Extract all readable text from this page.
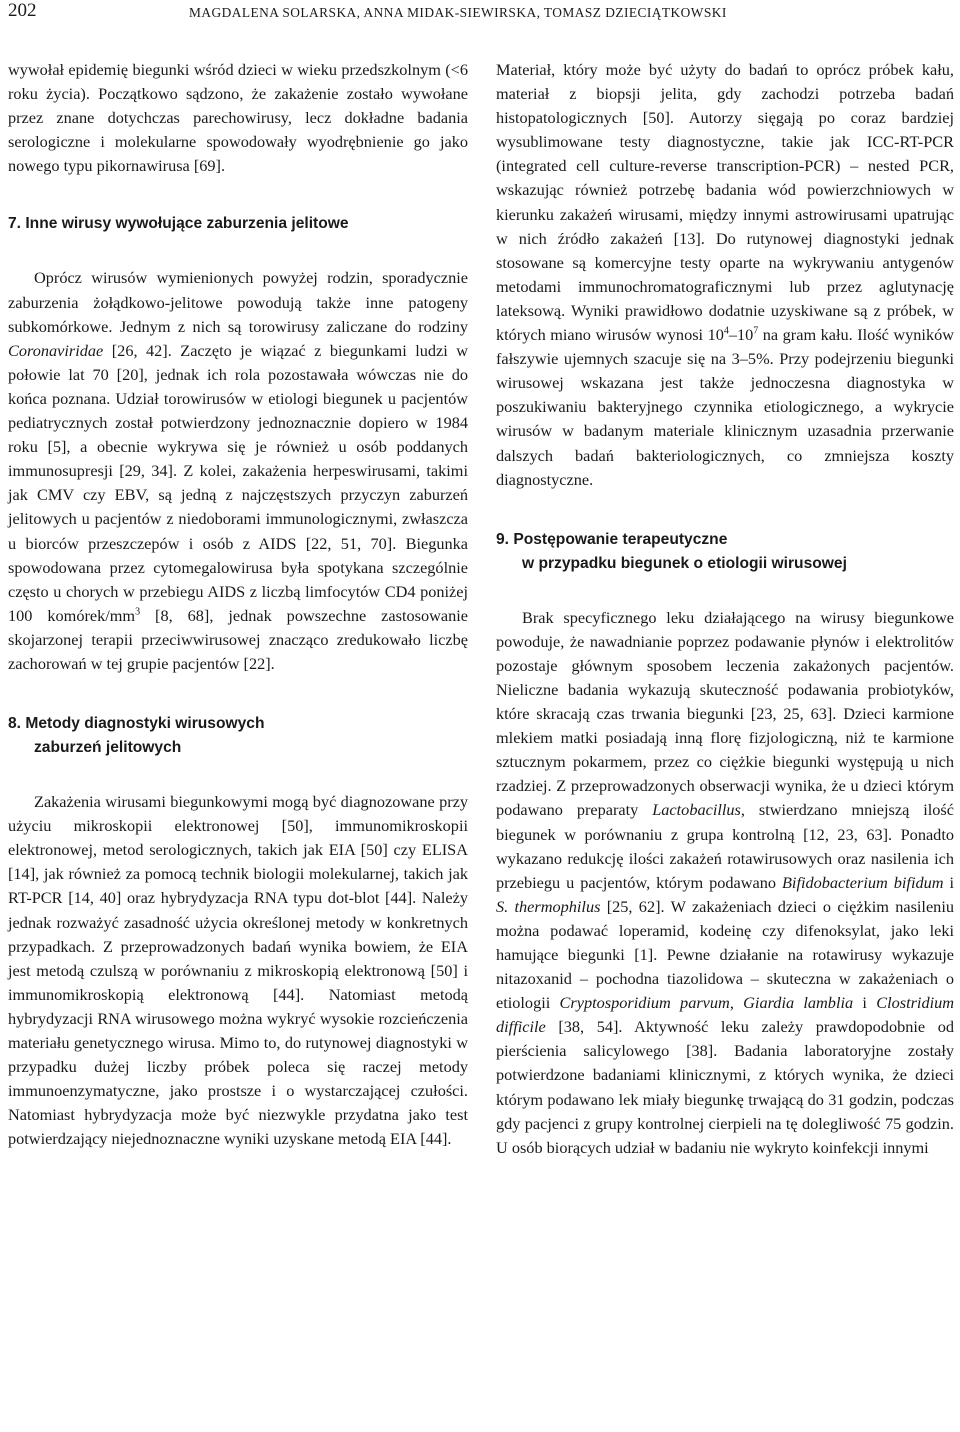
202	MAGDALENA SOLARSKA, ANNA MIDAK-SIEWIRSKA, TOMASZ DZIECIĄTKOWSKI

wywołał epidemię biegunki wśród dzieci w wieku przedszkolnym (<6 roku życia). Początkowo sądzono, że zakażenie zostało wywołane przez znane dotychczas parechowirusy, lecz dokładne badania serologiczne i molekularne spowodowały wyodrębnienie go jako nowego typu pikornawirusa [69].

7. Inne wirusy wywołujące zaburzenia jelitowe

Oprócz wirusów wymienionych powyżej rodzin, sporadycznie zaburzenia żołądkowo-jelitowe powodują także inne patogeny subkomórkowe. Jednym z nich są torowirusy zaliczane do rodziny Coronaviridae [26, 42]. Zaczęto je wiązać z biegunkami ludzi w połowie lat 70 [20], jednak ich rola pozostawała wówczas nie do końca poznana. Udział torowirusów w etiologi biegunek u pacjentów pediatrycznych został potwierdzony jednoznacznie dopiero w 1984 roku [5], a obecnie wykrywa się je również u osób poddanych immunosupresji [29, 34]. Z kolei, zakażenia herpeswirusami, takimi jak CMV czy EBV, są jedną z najczęstszych przyczyn zaburzeń jelitowych u pacjentów z niedoborami immunologicznymi, zwłaszcza u biorców przeszczepów i osób z AIDS [22, 51, 70]. Biegunka spowodowana przez cytomegalowirusa była spotykana szczególnie często u chorych w przebiegu AIDS z liczbą limfocytów CD4 poniżej 100 komórek/$mm^3$ [8, 68], jednak powszechne zastosowanie skojarzonej terapii przeciwwirusowej znacząco zredukowało liczbę zachorowań w tej grupie pacjentów [22].

8. Metody diagnostyki wirusowych
zaburzeń jelitowych

Zakażenia wirusami biegunkowymi mogą być diagnozowane przy użyciu mikroskopii elektronowej [50], immunomikroskopii elektronowej, metod serologicznych, takich jak EIA [50] czy ELISA [14], jak również za pomocą technik biologii molekularnej, takich jak RT-PCR [14, 40] oraz hybrydyzacja RNA typu dot-blot [44]. Należy jednak rozważyć zasadność użycia określonej metody w konkretnych przypadkach. Z przeprowadzonych badań wynika bowiem, że EIA jest metodą czulszą w porównaniu z mikroskopią elektronową [50] i immunomikroskopią elektronową [44]. Natomiast metodą hybrydyzacji RNA wirusowego można wykryć wysokie rozcieńczenia materiału genetycznego wirusa. Mimo to, do rutynowej diagnostyki w przypadku dużej liczby próbek poleca się raczej metody immunoenzymatyczne, jako prostsze i o wystarczającej czułości. Natomiast hybrydyzacja może być niezwykle przydatna jako test potwierdzający niejednoznaczne wyniki uzyskane metodą EIA [44].

Materiał, który może być użyty do badań to oprócz próbek kału, materiał z biopsji jelita, gdy zachodzi potrzeba badań histopatologicznych [50]. Autorzy sięgają po coraz bardziej wysublimowane testy diagnostyczne, takie jak ICC-RT-PCR (integrated cell culture-reverse transcription-PCR) – nested PCR, wskazując również potrzebę badania wód powierzchniowych w kierunku zakażeń wirusami, między innymi astrowirusami upatrując w nich źródło zakażeń [13]. Do rutynowej diagnostyki jednak stosowane są komercyjne testy oparte na wykrywaniu antygenów metodami immunochromatograficznymi lub przez aglutynację lateksową. Wyniki prawidłowo dodatnie uzyskiwane są z próbek, w których miano wirusów wynosi $10^4-10^7$ na gram kału. Ilość wyników fałszywie ujemnych szacuje się na 3–5%. Przy podejrzeniu biegunki wirusowej wskazana jest także jednoczesna diagnostyka w poszukiwaniu bakteryjnego czynnika etiologicznego, a wykrycie wirusów w badanym materiale klinicznym uzasadnia przerwanie dalszych badań bakteriologicznych, co zmniejsza koszty diagnostyczne.

9. Postępowanie terapeutyczne
w przypadku biegunek o etiologii wirusowej

Brak specyficznego leku działającego na wirusy biegunkowe powoduje, że nawadnianie poprzez podawanie płynów i elektrolitów pozostaje głównym sposobem leczenia zakażonych pacjentów. Nieliczne badania wykazują skuteczność podawania probiotyków, które skracają czas trwania biegunki [23, 25, 63]. Dzieci karmione mlekiem matki posiadają inną florę fizjologiczną, niż te karmione sztucznym pokarmem, przez co ciężkie biegunki występują u nich rzadziej. Z przeprowadzonych obserwacji wynika, że u dzieci którym podawano preparaty Lactobacillus, stwierdzano mniejszą ilość biegunek w porównaniu z grupa kontrolną [12, 23, 63]. Ponadto wykazano redukcję ilości zakażeń rotawirusowych oraz nasilenia ich przebiegu u pacjentów, którym podawano Bifidobacterium bifidum i S. thermophilus [25, 62]. W zakażeniach dzieci o ciężkim nasileniu można podawać loperamid, kodeinę czy difenoksylat, jako leki hamujące biegunki [1]. Pewne działanie na rotawirusy wykazuje nitazoxanid – pochodna tiazolidowa – skuteczna w zakażeniach o etiologii Cryptosporidium parvum, Giardia lamblia i Clostridium difficile [38, 54]. Aktywność leku zależy prawdopodobnie od pierścienia salicylowego [38]. Badania laboratoryjne zostały potwierdzone badaniami klinicznymi, z których wynika, że dzieci którym podawano lek miały biegunkę trwającą do 31 godzin, podczas gdy pacjenci z grupy kontrolnej cierpieli na tę dolegliwość 75 godzin. U osób biorących udział w badaniu nie wykryto koinfekcji innymi
